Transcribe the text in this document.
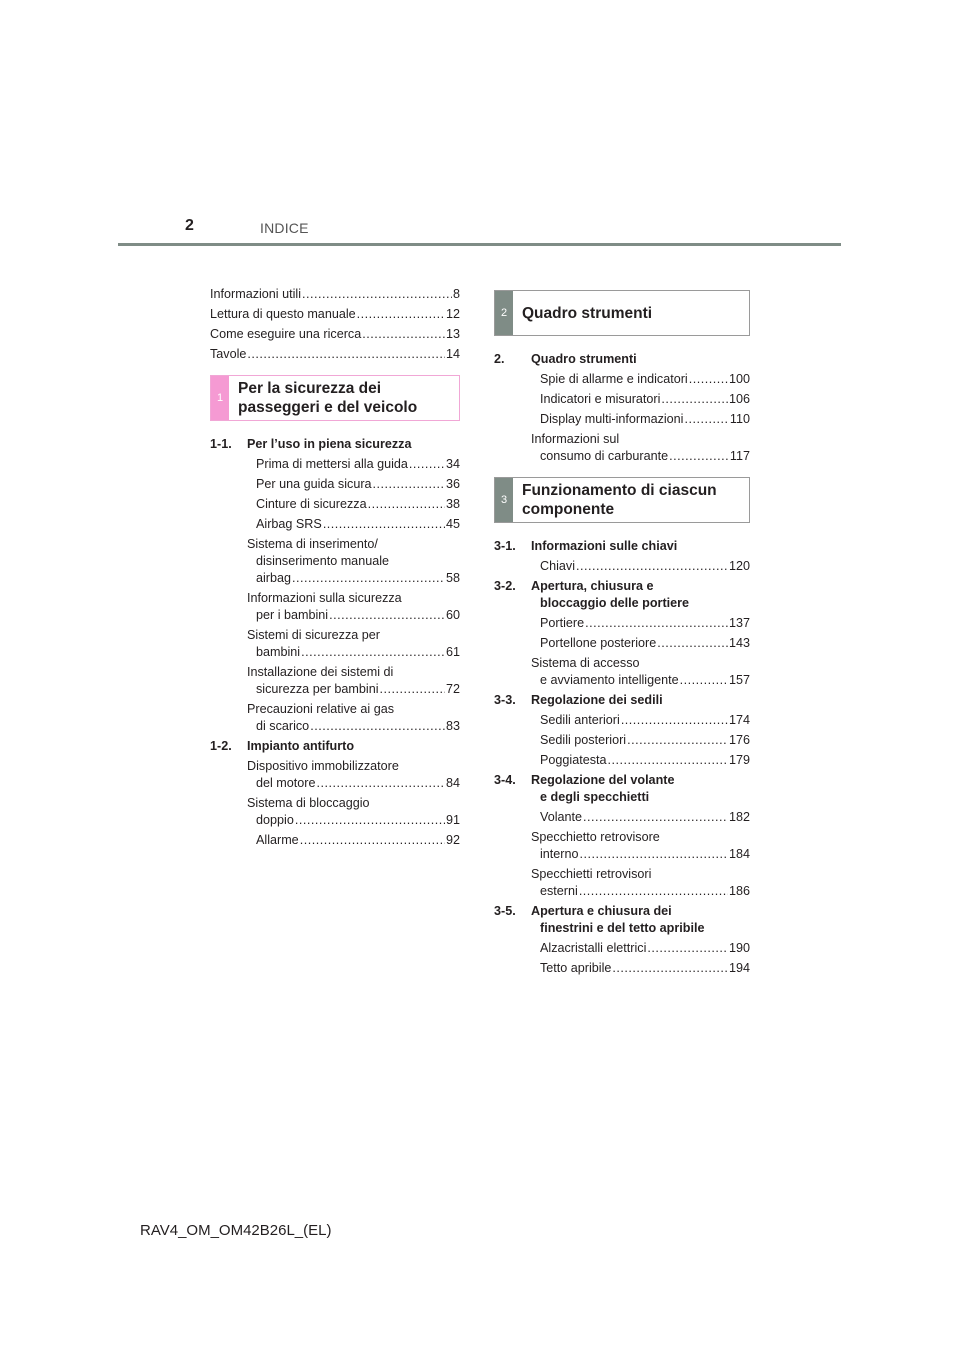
2	INDICE
Informazioni utili .....	8
Lettura di questo manuale .....	12
Come eseguire una ricerca .....	13
Tavole .....	14
1
Per la sicurezza dei
passeggeri e del veicolo
1-1.	Per l’uso in piena sicurezza
Prima di mettersi alla guida .....	34
Per una guida sicura .....	36
Cinture di sicurezza .....	38
Airbag SRS .....	45
Sistema di inserimento/
disinserimento manuale
airbag .....	58
Informazioni sulla sicurezza
per i bambini .....	60
Sistemi di sicurezza per
bambini .....	61
Installazione dei sistemi di
sicurezza per bambini .....	72
Precauzioni relative ai gas
di scarico .....	83
1-2.	Impianto antifurto
Dispositivo immobilizzatore
del motore .....	84
Sistema di bloccaggio
doppio .....	91
Allarme .....	92
2 Quadro strumenti
2.	Quadro strumenti
Spie di allarme e indicatori .....	100
Indicatori e misuratori .....	106
Display multi-informazioni .....	110
Informazioni sul
consumo di carburante .....	117
3
Funzionamento di ciascun
componente
3-1.	Informazioni sulle chiavi
Chiavi .....	120
3-2.	Apertura, chiusura e
bloccaggio delle portiere
Portiere .....	137
Portellone posteriore .....	143
Sistema di accesso
e avviamento intelligente .....	157
3-3.	Regolazione dei sedili
Sedili anteriori .....	174
Sedili posteriori .....	176
Poggiatesta .....	179
3-4.	Regolazione del volante
e degli specchietti
Volante .....	182
Specchietto retrovisore
interno .....	184
Specchietti retrovisori
esterni .....	186
3-5.	Apertura e chiusura dei
finestrini e del tetto apribile
Alzacristalli elettrici .....	190
Tetto apribile .....	194
RAV4_OM_OM42B26L_(EL)
